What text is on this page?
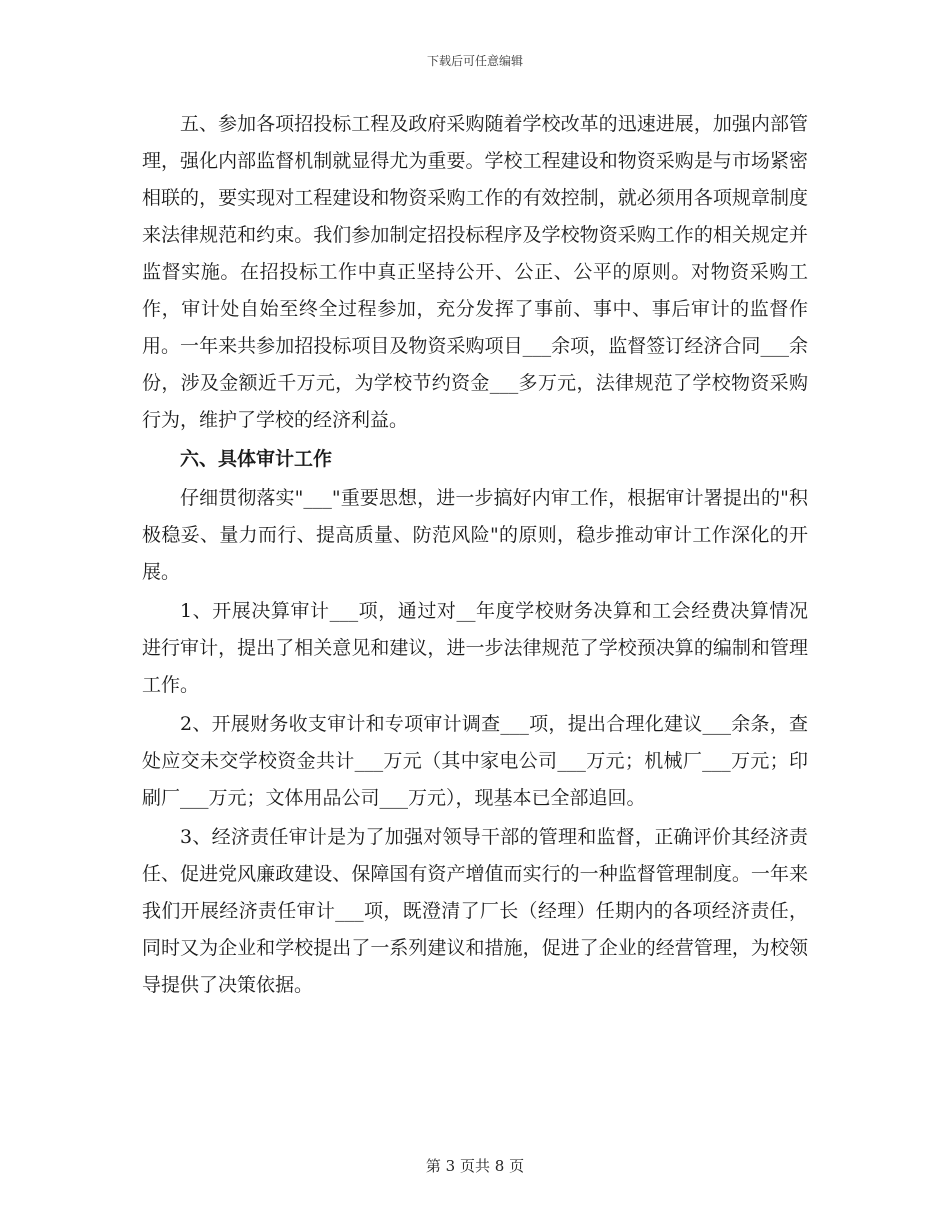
下载后可任意编辑

五、参加各项招投标工程及政府采购随着学校改革的迅速进展，加强内部管理，强化内部监督机制就显得尤为重要。学校工程建设和物资采购是与市场紧密相联的，要实现对工程建设和物资采购工作的有效控制，就必须用各项规章制度来法律规范和约束。我们参加制定招投标程序及学校物资采购工作的相关规定并监督实施。在招投标工作中真正坚持公开、公正、公平的原则。对物资采购工作，审计处自始至终全过程参加，充分发挥了事前、事中、事后审计的监督作用。一年来共参加招投标项目及物资采购项目___余项，监督签订经济合同___余份，涉及金额近千万元，为学校节约资金___多万元，法律规范了学校物资采购行为，维护了学校的经济利益。

六、具体审计工作

仔细贯彻落实"___"重要思想，进一步搞好内审工作，根据审计署提出的"积极稳妥、量力而行、提高质量、防范风险"的原则，稳步推动审计工作深化的开展。

1、开展决算审计___项，通过对__年度学校财务决算和工会经费决算情况进行审计，提出了相关意见和建议，进一步法律规范了学校预决算的编制和管理工作。

2、开展财务收支审计和专项审计调查___项，提出合理化建议___余条，查处应交未交学校资金共计___万元（其中家电公司___万元；机械厂___万元；印刷厂___万元；文体用品公司___万元），现基本已全部追回。

3、经济责任审计是为了加强对领导干部的管理和监督，正确评价其经济责任、促进党风廉政建设、保障国有资产增值而实行的一种监督管理制度。一年来我们开展经济责任审计___项，既澄清了厂长（经理）任期内的各项经济责任，同时又为企业和学校提出了一系列建议和措施，促进了企业的经营管理，为校领导提供了决策依据。

第 3 页共 8 页
